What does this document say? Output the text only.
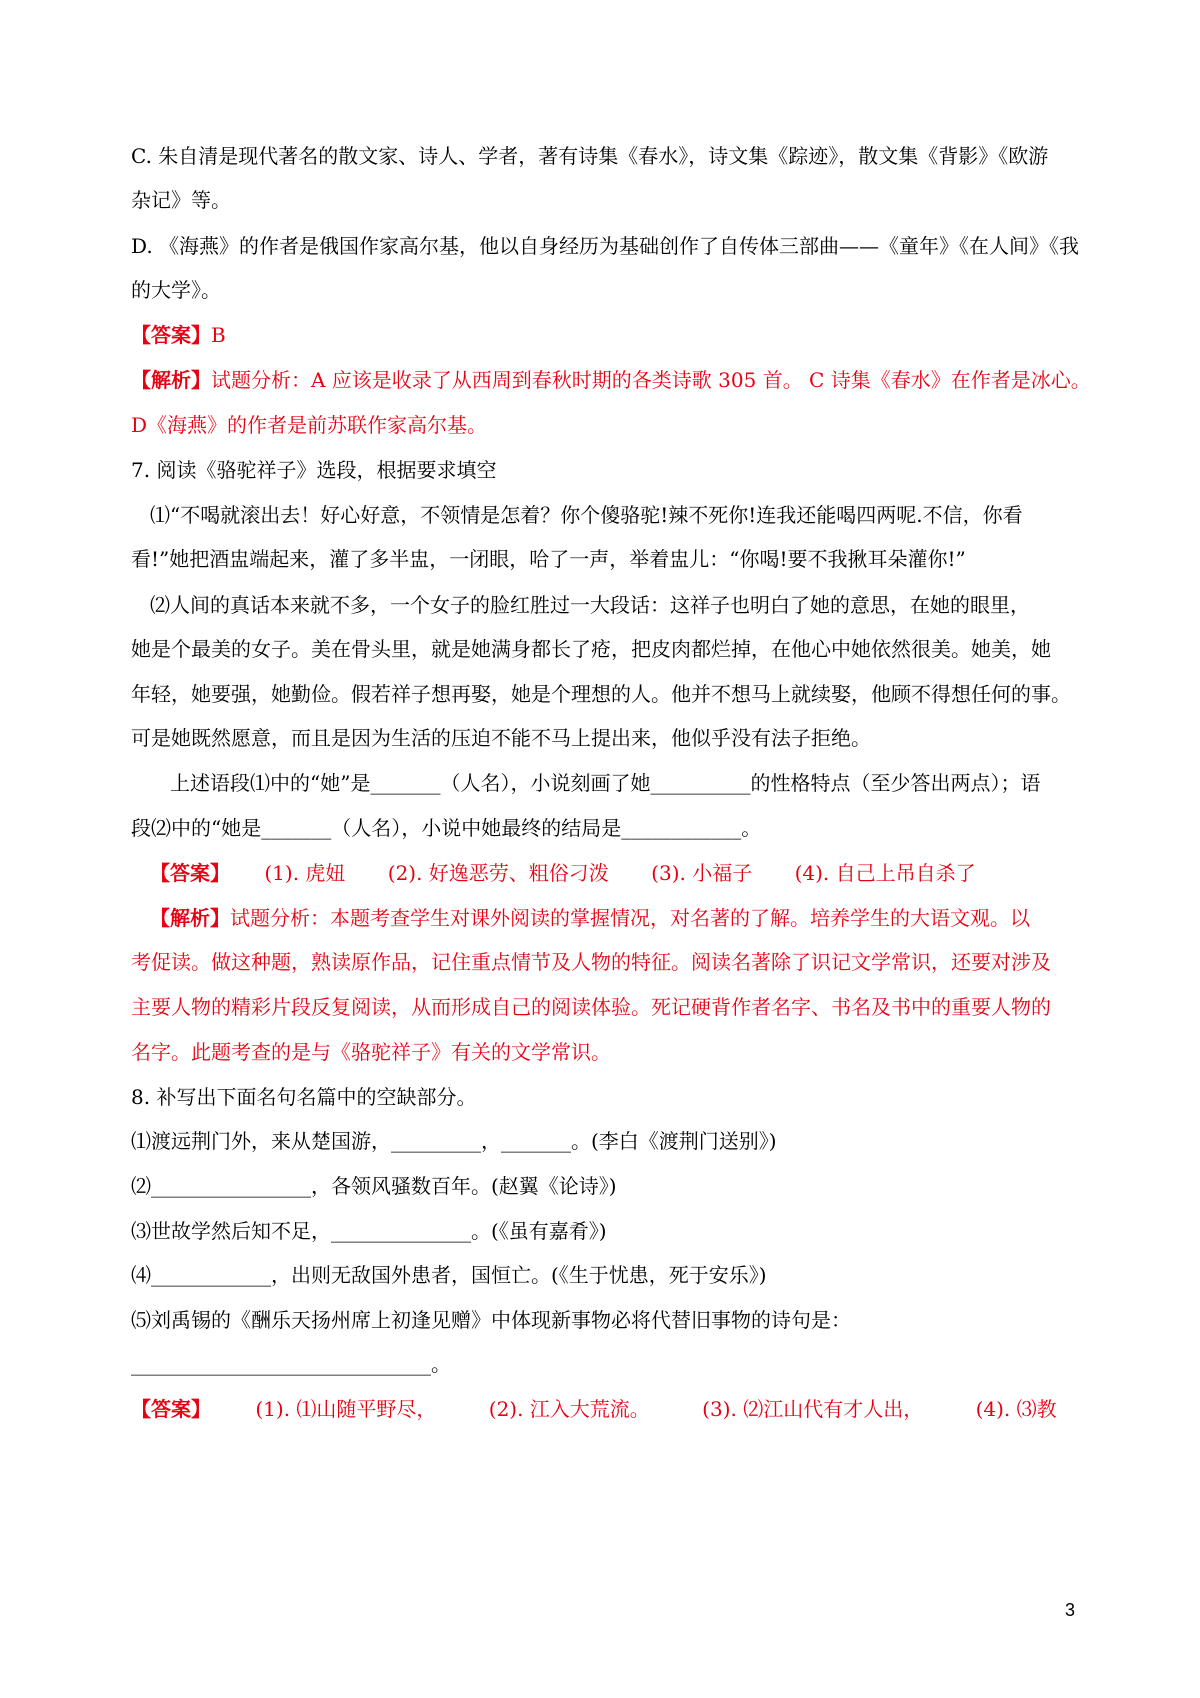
C. 朱自清是现代著名的散文家、诗人、学者，著有诗集《春水》，诗文集《踪迹》，散文集《背影》《欧游
杂记》等。
D. 《海燕》的作者是俄国作家高尔基，他以自身经历为基础创作了自传体三部曲——《童年》《在人间》《我
的大学》。
【答案】B
【解析】试题分析：A 应该是收录了从西周到春秋时期的各类诗歌 305 首。 C 诗集《春水》在作者是冰心。
D《海燕》的作者是前苏联作家高尔基。
7. 阅读《骆驼祥子》选段，根据要求填空
⑴“不喝就滚出去！好心好意，不领情是怎着？你个傻骆驼!辣不死你!连我还能喝四两呢.不信，你看
看!”她把酒盅端起来，灌了多半盅，一闭眼，哈了一声，举着盅儿：“你喝!要不我揪耳朵灌你!”
⑵人间的真话本来就不多，一个女子的脸红胜过一大段话：这祥子也明白了她的意思，在她的眼里，
她是个最美的女子。美在骨头里，就是她满身都长了疮，把皮肉都烂掉，在他心中她依然很美。她美，她
年轻，她要强，她勤俭。假若祥子想再娶，她是个理想的人。他并不想马上就续娶，他顾不得想任何的事。
可是她既然愿意，而且是因为生活的压迫不能不马上提出来，他似乎没有法子拒绝。
上述语段⑴中的“她”是_______（人名），小说刻画了她__________的性格特点（至少答出两点）；语
段⑵中的“她是_______（人名），小说中她最终的结局是____________。
【答案】 (1). 虎妞 (2). 好逸恶劳、粗俗刁泼 (3). 小福子 (4). 自己上吊自杀了
【解析】试题分析：本题考查学生对课外阅读的掌握情况，对名著的了解。培养学生的大语文观。以
考促读。做这种题，熟读原作品，记住重点情节及人物的特征。阅读名著除了识记文学常识，还要对涉及
主要人物的精彩片段反复阅读，从而形成自己的阅读体验。死记硬背作者名字、书名及书中的重要人物的
名字。此题考查的是与《骆驼祥子》有关的文学常识。
8. 补写出下面名句名篇中的空缺部分。
⑴渡远荆门外，来从楚国游，_________，_______。(李白《渡荆门送别》)
⑵________________，各领风骚数百年。(赵翼《论诗》)
⑶世故学然后知不足，______________。(《虽有嘉肴》)
⑷____________，出则无敌国外患者，国恒亡。(《生于忧患，死于安乐》)
⑸刘禹锡的《酬乐天扬州席上初逢见赠》中体现新事物必将代替旧事物的诗句是：
______________________________。
【答案】 (1). ⑴山随平野尽，	(2). 江入大荒流。	(3). ⑵江山代有才人出，	(4). ⑶教
3
